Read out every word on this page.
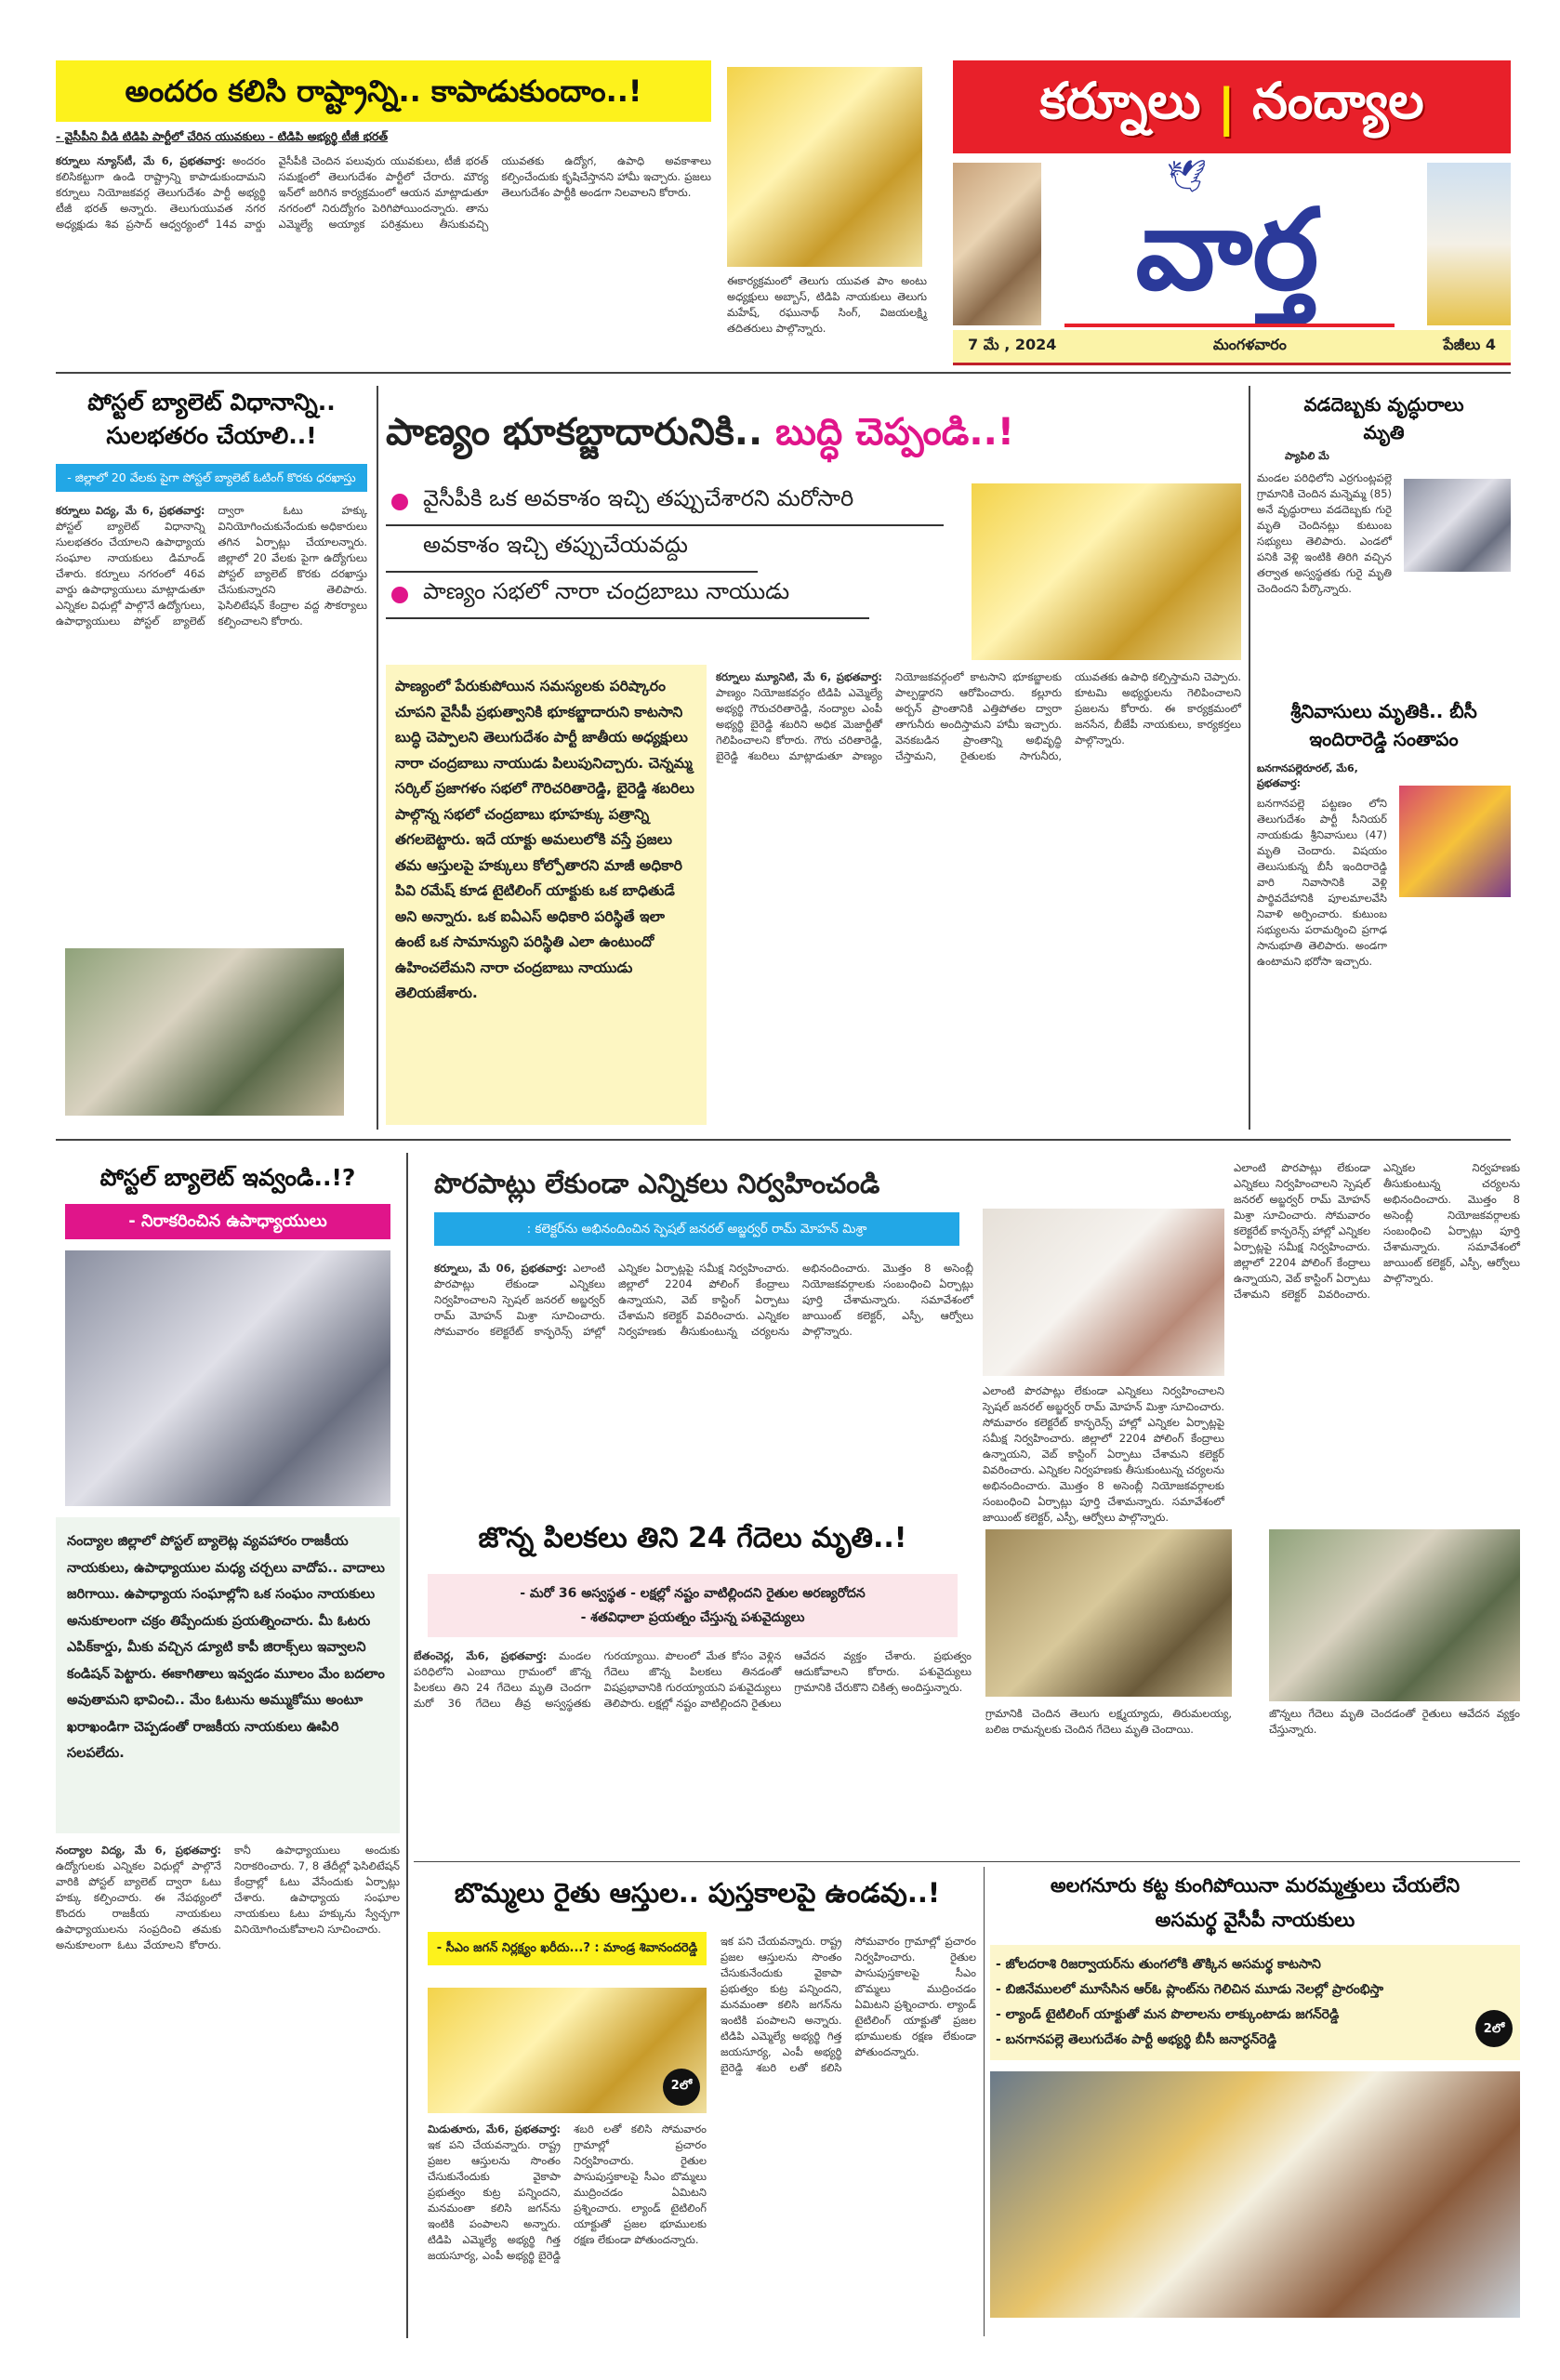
అందరం కలిసి రాష్ట్రాన్ని.. కాపాడుకుందాం..!
- వైసీపీని వీడి టిడిపి పార్టీలో చేరిన యువకులు - టిడిపి అభ్యర్థి టీజీ భరత్
కర్నూలు న్యూస్‌టీ, మే 6, ప్రభతవార్త: అందరం కలిసికట్టుగా ఉండి రాష్ట్రాన్ని కాపాడుకుందామని కర్నూలు నియోజకవర్గ తెలుగుదేశం పార్టీ అభ్యర్థి టీజీ భరత్ అన్నారు. తెలుగుయువత నగర అధ్యక్షుడు శివ ప్రసాద్ ఆధ్వర్యంలో 14వ వార్డు వైసీపీకి చెందిన పలువురు యువకులు, టీజీ భరత్ సమక్షంలో తెలుగుదేశం పార్టీలో చేరారు. మౌర్య ఇన్‌లో జరిగిన కార్యక్రమంలో ఆయన మాట్లాడుతూ నగరంలో నిరుద్యోగం పెరిగిపోయిందన్నారు. తాను ఎమ్మెల్యే అయ్యాక పరిశ్రమలు తీసుకువచ్చి యువతకు ఉద్యోగ, ఉపాధి అవకాశాలు కల్పించేందుకు కృషిచేస్తానని హామీ ఇచ్చారు. ప్రజలు తెలుగుదేశం పార్టీకి అండగా నిలవాలని కోరారు.
ఈకార్యక్రమంలో తెలుగు యువత పాం అంటు అధ్యక్షులు అబ్బాస్, టిడిపి నాయకులు తెలుగు మహేష్, రఘునాథ్ సింగ్, విజయలక్ష్మి తదితరులు పాల్గొన్నారు.
కర్నూలు | నంద్యాల
🕊
వార్త
7 మే , 2024	మంగళవారం	పేజీలు 4
పోస్టల్ బ్యాలెట్ విధానాన్ని.. సులభతరం చేయాలి..!
- జిల్లాలో 20 వేలకు పైగా పోస్టల్ బ్యాలెట్ ఓటింగ్ కొరకు ధరఖాస్తు
కర్నూలు విద్య, మే 6, ప్రభతవార్త: పోస్టల్ బ్యాలెట్ విధానాన్ని సులభతరం చేయాలని ఉపాధ్యాయ సంఘాల నాయకులు డిమాండ్ చేశారు. కర్నూలు నగరంలో 46వ వార్డు ఉపాధ్యాయులు మాట్లాడుతూ ఎన్నికల విధుల్లో పాల్గొనే ఉద్యోగులు, ఉపాధ్యాయులు పోస్టల్ బ్యాలెట్ ద్వారా ఓటు హక్కు వినియోగించుకునేందుకు అధికారులు తగిన ఏర్పాట్లు చేయాలన్నారు. జిల్లాలో 20 వేలకు పైగా ఉద్యోగులు పోస్టల్ బ్యాలెట్ కొరకు దరఖాస్తు చేసుకున్నారని తెలిపారు. ఫెసిలిటేషన్ కేంద్రాల వద్ద సౌకర్యాలు కల్పించాలని కోరారు.
పాణ్యం భూకబ్జాదారునికి.. బుద్ధి చెప్పండి..!
వైసీపీకి ఒక అవకాశం ఇచ్చి తప్పుచేశారని మరోసారి
అవకాశం ఇచ్చి తప్పుచేయవద్దు
పాణ్యం సభలో నారా చంద్రబాబు నాయుడు
పాణ్యంలో పేరుకుపోయిన సమస్యలకు పరిష్కారం చూపని వైసీపీ ప్రభుత్వానికి భూకబ్జాదారుని కాటసాని బుద్ధి చెప్పాలని తెలుగుదేశం పార్టీ జాతీయ అధ్యక్షులు నారా చంద్రబాబు నాయుడు పిలుపునిచ్చారు. చెన్నమ్మ సర్కిల్ ప్రజాగళం సభలో గౌరిచరితారెడ్డి, బైరెడ్డి శబరిలు పాల్గొన్న సభలో చంద్రబాబు భూహక్కు పత్రాన్ని తగలబెట్టారు. ఇదే యాక్టు అమలులోకి వస్తే ప్రజలు తమ ఆస్తులపై హక్కులు కోల్పోతారని మాజీ అధికారి పివి రమేష్ కూడ టైటిలింగ్ యాక్టుకు ఒక బాధితుడే అని అన్నారు. ఒక ఐఏఎస్ అధికారి పరిస్థితే ఇలా ఉంటే ఒక సామాన్యుని పరిస్థితి ఎలా ఉంటుందో ఉహించలేమని నారా చంద్రబాబు నాయుడు తెలియజేశారు.
కర్నూలు మ్యూనిటి, మే 6, ప్రభతవార్త: పాణ్యం నియోజకవర్గం టిడిపి ఎమ్మెల్యే అభ్యర్థి గౌరుచరితారెడ్డి, నంద్యాల ఎంపీ అభ్యర్థి బైరెడ్డి శబరిని అధిక మెజార్టీతో గెలిపించాలని కోరారు. గౌరు చరితారెడ్డి, బైరెడ్డి శబరిలు మాట్లాడుతూ పాణ్యం నియోజకవర్గంలో కాటసాని భూకబ్జాలకు పాల్పడ్డారని ఆరోపించారు. కల్లూరు అర్బన్ ప్రాంతానికి ఎత్తిపోతల ద్వారా తాగునీరు అందిస్తామని హామీ ఇచ్చారు. వెనకబడిన ప్రాంతాన్ని అభివృద్ధి చేస్తామని, రైతులకు సాగునీరు, యువతకు ఉపాధి కల్పిస్తామని చెప్పారు. కూటమి అభ్యర్థులను గెలిపించాలని ప్రజలను కోరారు. ఈ కార్యక్రమంలో జనసేన, బీజేపీ నాయకులు, కార్యకర్తలు పాల్గొన్నారు.
వడదెబ్బకు వృద్ధురాలు మృతి
ప్యాపిలి మే
మండల పరిధిలోని ఎర్రగుంట్లపల్లె గ్రామానికి చెందిన మన్నెమ్మ (85) అనే వృద్ధురాలు వడదెబ్బకు గురై మృతి చెందినట్లు కుటుంబ సభ్యులు తెలిపారు. ఎండలో పనికి వెళ్లి ఇంటికి తిరిగి వచ్చిన తర్వాత అస్వస్థతకు గురై మృతి చెందిందని పేర్కొన్నారు.
శ్రీనివాసులు మృతికి.. బీసీ ఇందిరారెడ్డి సంతాపం
బనగానపల్లెరూరల్, మే6, ప్రభతవార్త:
బనగానపల్లె పట్టణం లోని తెలుగుదేశం పార్టీ సీనియర్ నాయకుడు శ్రీనివాసులు (47) మృతి చెందారు. విషయం తెలుసుకున్న బీసీ ఇందిరారెడ్డి వారి నివాసానికి వెళ్లి పార్థివదేహానికి పూలమాలవేసి నివాళి అర్పించారు. కుటుంబ సభ్యులను పరామర్శించి ప్రగాఢ సానుభూతి తెలిపారు. అండగా ఉంటామని భరోసా ఇచ్చారు.
పోస్టల్ బ్యాలెట్ ఇవ్వండి..!?
- నిరాకరించిన ఉపాధ్యాయులు
నంద్యాల జిల్లాలో పోస్టల్ బ్యాలెట్ల వ్యవహారం రాజకీయ నాయకులు, ఉపాధ్యాయుల మధ్య చర్చలు వాదోప.. వాదాలు జరిగాయి. ఉపాధ్యాయ సంఘాల్లోని ఒక సంఘం నాయకులు అనుకూలంగా చక్రం తిప్పేందుకు ప్రయత్నించారు. మీ ఓటరు ఎపిక్‌కార్డు, మీకు వచ్చిన డ్యూటి కాపీ జిరాక్స్‌లు ఇవ్వాలని కండిషన్ పెట్టారు. ఈకాగితాలు ఇవ్వడం మూలం మేం బదలాం అవుతామని భావించి.. మేం ఓటును అమ్ముకోము అంటూ ఖరాఖండిగా చెప్పడంతో రాజకీయ నాయకులు ఊపిరి సలపలేదు.
నంద్యాల విద్య, మే 6, ప్రభతవార్త: ఉద్యోగులకు ఎన్నికల విధుల్లో పాల్గొనే వారికి పోస్టల్ బ్యాలెట్ ద్వారా ఓటు హక్కు కల్పించారు. ఈ నేపథ్యంలో కొందరు రాజకీయ నాయకులు ఉపాధ్యాయులను సంప్రదించి తమకు అనుకూలంగా ఓటు వేయాలని కోరారు. కానీ ఉపాధ్యాయులు అందుకు నిరాకరించారు. 7, 8 తేదీల్లో ఫెసిలిటేషన్ కేంద్రాల్లో ఓటు వేసేందుకు ఏర్పాట్లు చేశారు. ఉపాధ్యాయ సంఘాల నాయకులు ఓటు హక్కును స్వేచ్ఛగా వినియోగించుకోవాలని సూచించారు.
పొరపాట్లు లేకుండా ఎన్నికలు నిర్వహించండి
: కలెక్టర్‌ను అభినందించిన స్పెషల్ జనరల్ అబ్జర్వర్ రామ్ మోహన్ మిశ్రా
కర్నూలు, మే 06, ప్రభతవార్త: ఎలాంటి పొరపాట్లు లేకుండా ఎన్నికలు నిర్వహించాలని స్పెషల్ జనరల్ అబ్జర్వర్ రామ్ మోహన్ మిశ్రా సూచించారు. సోమవారం కలెక్టరేట్ కాన్ఫరెన్స్ హాల్లో ఎన్నికల ఏర్పాట్లపై సమీక్ష నిర్వహించారు. జిల్లాలో 2204 పోలింగ్ కేంద్రాలు ఉన్నాయని, వెబ్ కాస్టింగ్ ఏర్పాటు చేశామని కలెక్టర్ వివరించారు. ఎన్నికల నిర్వహణకు తీసుకుంటున్న చర్యలను అభినందించారు. మొత్తం 8 అసెంబ్లీ నియోజకవర్గాలకు సంబంధించి ఏర్పాట్లు పూర్తి చేశామన్నారు. సమావేశంలో జాయింట్ కలెక్టర్, ఎస్పీ, ఆర్వోలు పాల్గొన్నారు.
ఎలాంటి పొరపాట్లు లేకుండా ఎన్నికలు నిర్వహించాలని స్పెషల్ జనరల్ అబ్జర్వర్ రామ్ మోహన్ మిశ్రా సూచించారు. సోమవారం కలెక్టరేట్ కాన్ఫరెన్స్ హాల్లో ఎన్నికల ఏర్పాట్లపై సమీక్ష నిర్వహించారు. జిల్లాలో 2204 పోలింగ్ కేంద్రాలు ఉన్నాయని, వెబ్ కాస్టింగ్ ఏర్పాటు చేశామని కలెక్టర్ వివరించారు. ఎన్నికల నిర్వహణకు తీసుకుంటున్న చర్యలను అభినందించారు. మొత్తం 8 అసెంబ్లీ నియోజకవర్గాలకు సంబంధించి ఏర్పాట్లు పూర్తి చేశామన్నారు. సమావేశంలో జాయింట్ కలెక్టర్, ఎస్పీ, ఆర్వోలు పాల్గొన్నారు.
ఎలాంటి పొరపాట్లు లేకుండా ఎన్నికలు నిర్వహించాలని స్పెషల్ జనరల్ అబ్జర్వర్ రామ్ మోహన్ మిశ్రా సూచించారు. సోమవారం కలెక్టరేట్ కాన్ఫరెన్స్ హాల్లో ఎన్నికల ఏర్పాట్లపై సమీక్ష నిర్వహించారు. జిల్లాలో 2204 పోలింగ్ కేంద్రాలు ఉన్నాయని, వెబ్ కాస్టింగ్ ఏర్పాటు చేశామని కలెక్టర్ వివరించారు. ఎన్నికల నిర్వహణకు తీసుకుంటున్న చర్యలను అభినందించారు. మొత్తం 8 అసెంబ్లీ నియోజకవర్గాలకు సంబంధించి ఏర్పాట్లు పూర్తి చేశామన్నారు. సమావేశంలో జాయింట్ కలెక్టర్, ఎస్పీ, ఆర్వోలు పాల్గొన్నారు.
జొన్న పిలకలు తిని 24 గేదెలు మృతి..!
- మరో 36 అస్వస్థత - లక్షల్లో నష్టం వాటిల్లిందని రైతుల అరణ్యరోదన
- శతవిధాలా ప్రయత్నం చేస్తున్న పశువైద్యులు
బేతంచెర్ల, మే6, ప్రభతవార్త: మండల పరిధిలోని ఎంబాయి గ్రామంలో జొన్న పిలకలు తిని 24 గేదెలు మృతి చెందగా మరో 36 గేదెలు తీవ్ర అస్వస్థతకు గురయ్యాయి. పొలంలో మేత కోసం వెళ్లిన గేదెలు జొన్న పిలకలు తినడంతో విషప్రభావానికి గురయ్యాయని పశువైద్యులు తెలిపారు. లక్షల్లో నష్టం వాటిల్లిందని రైతులు ఆవేదన వ్యక్తం చేశారు. ప్రభుత్వం ఆదుకోవాలని కోరారు. పశువైద్యులు గ్రామానికి చేరుకొని చికిత్స అందిస్తున్నారు.
గ్రామానికి చెందిన తెలుగు లక్ష్మయ్యాదు, తిరుమలయ్య, బలిజ రామన్నలకు చెందిన గేదెలు మృతి చెందాయి.
జొన్నలు గేదెలు మృతి చెందడంతో రైతులు ఆవేదన వ్యక్తం చేస్తున్నారు.
బొమ్మలు రైతు ఆస్తుల.. పుస్తకాలపై ఉండవు..!
- సీఎం జగన్ నిర్లక్ష్యం ఖరీదు...? : మాండ్ర శివానందరెడ్డి
2లో
మిడుతూరు, మే6, ప్రభతవార్త: ఇక పని చేయవన్నారు. రాష్ట్ర ప్రజల ఆస్తులను సొంతం చేసుకునేందుకు వైకాపా ప్రభుత్వం కుట్ర పన్నిందని, మనమంతా కలిసి జగన్‌ను ఇంటికి పంపాలని అన్నారు. టిడిపి ఎమ్మెల్యే అభ్యర్థి గిత్త జయసూర్య, ఎంపీ అభ్యర్థి బైరెడ్డి శబరి లతో కలిసి సోమవారం గ్రామాల్లో ప్రచారం నిర్వహించారు. రైతుల పాసుపుస్తకాలపై సీఎం బొమ్మలు ముద్రించడం ఏమిటని ప్రశ్నించారు. ల్యాండ్ టైటిలింగ్ యాక్టుతో ప్రజల భూములకు రక్షణ లేకుండా పోతుందన్నారు.
ఇక పని చేయవన్నారు. రాష్ట్ర ప్రజల ఆస్తులను సొంతం చేసుకునేందుకు వైకాపా ప్రభుత్వం కుట్ర పన్నిందని, మనమంతా కలిసి జగన్‌ను ఇంటికి పంపాలని అన్నారు. టిడిపి ఎమ్మెల్యే అభ్యర్థి గిత్త జయసూర్య, ఎంపీ అభ్యర్థి బైరెడ్డి శబరి లతో కలిసి సోమవారం గ్రామాల్లో ప్రచారం నిర్వహించారు. రైతుల పాసుపుస్తకాలపై సీఎం బొమ్మలు ముద్రించడం ఏమిటని ప్రశ్నించారు. ల్యాండ్ టైటిలింగ్ యాక్టుతో ప్రజల భూములకు రక్షణ లేకుండా పోతుందన్నారు.
అలగనూరు కట్ట కుంగిపోయినా మరమ్మత్తులు చేయలేని అసమర్థ వైసీపీ నాయకులు
- జోలదరాశి రిజర్వాయర్‌ను తుంగలోకి తొక్కిన అసమర్థ కాటసాని
- బిజినేములలో మూసేసిన ఆర్ఓ ప్లాంట్‌ను గెలిచిన మూడు నెలల్లో ప్రారంభిస్తా
- ల్యాండ్ టైటిలింగ్ యాక్టుతో మన పొలాలను లాక్కుంటాడు జగన్‌రెడ్డి
- బనగానపల్లె తెలుగుదేశం పార్టీ అభ్యర్థి బీసీ జనార్ధన్‌రెడ్డి
2లో
